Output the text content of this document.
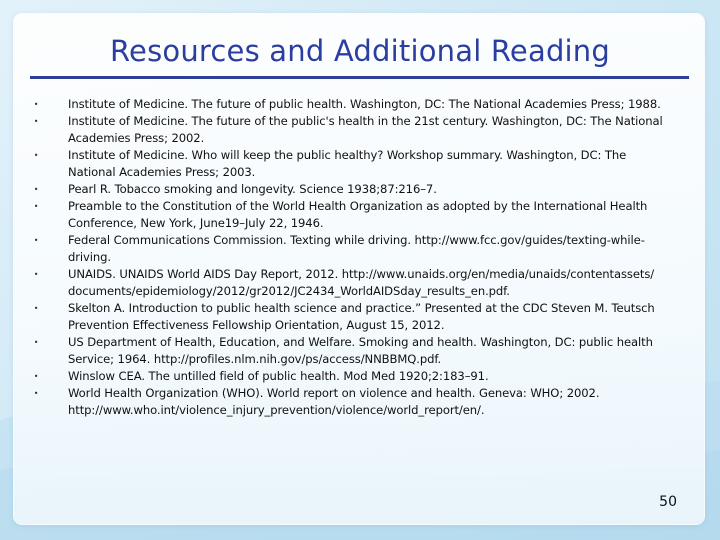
Resources and Additional Reading
•	Institute of Medicine. The future of public health. Washington, DC: The National Academies Press; 1988.
•	Institute of Medicine. The future of the public's health in the 21st century. Washington, DC: The National Academies Press; 2002.
•	Institute of Medicine. Who will keep the public healthy? Workshop summary. Washington, DC: The National Academies Press; 2003.
•	Pearl R. Tobacco smoking and longevity. Science 1938;87:216–7.
•	Preamble to the Constitution of the World Health Organization as adopted by the International Health Conference, New York, June19–July 22, 1946.
•	Federal Communications Commission. Texting while driving. http://www.fcc.gov/guides/texting-while-driving.
•	UNAIDS. UNAIDS World AIDS Day Report, 2012. http://www.unaids.org/en/media/unaids/contentassets/ documents/epidemiology/2012/gr2012/JC2434_WorldAIDSday_results_en.pdf.
•	Skelton A. Introduction to public health science and practice.” Presented at the CDC Steven M. Teutsch Prevention Effectiveness Fellowship Orientation, August 15, 2012.
•	US Department of Health, Education, and Welfare. Smoking and health. Washington, DC: public health Service; 1964. http://profiles.nlm.nih.gov/ps/access/NNBBMQ.pdf.
•	Winslow CEA. The untilled field of public health. Mod Med 1920;2:183–91.
•	World Health Organization (WHO). World report on violence and health. Geneva: WHO; 2002. http://www.who.int/violence_injury_prevention/violence/world_report/en/.
50
